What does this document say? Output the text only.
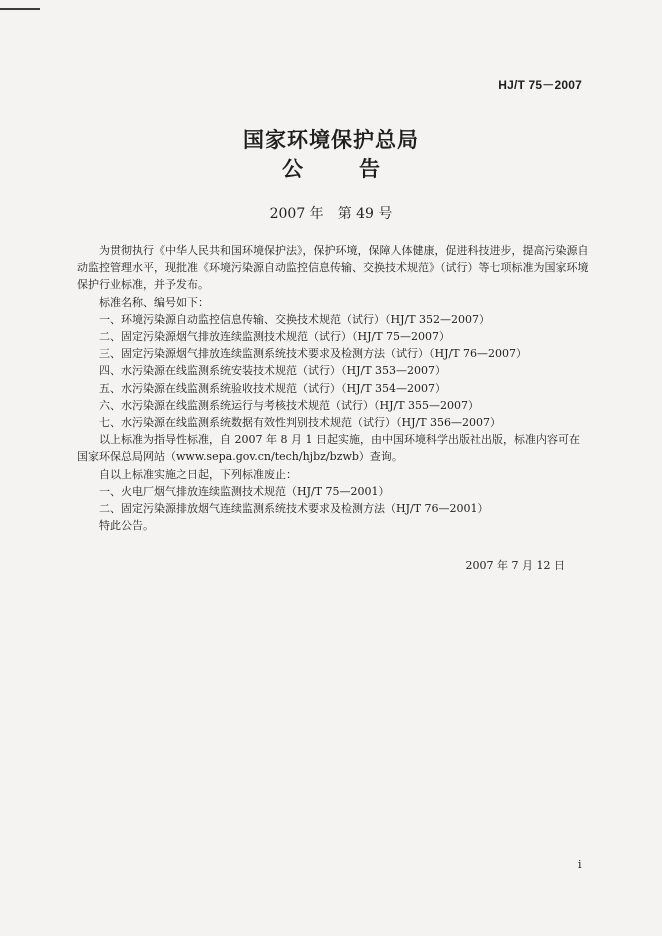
HJ/T 75－2007
国家环境保护总局
公	告
2007 年 第 49 号

为贯彻执行《中华人民共和国环境保护法》，保护环境，保障人体健康，促进科技进步，提高污染源自动监控管理水平，现批准《环境污染源自动监控信息传输、交换技术规范》（试行）等七项标准为国家环境保护行业标准，并予发布。

标准名称、编号如下：

一、环境污染源自动监控信息传输、交换技术规范（试行）（HJ/T 352—2007）

二、固定污染源烟气排放连续监测技术规范（试行）（HJ/T 75—2007）

三、固定污染源烟气排放连续监测系统技术要求及检测方法（试行）（HJ/T 76—2007）

四、水污染源在线监测系统安装技术规范（试行）（HJ/T 353—2007）

五、水污染源在线监测系统验收技术规范（试行）（HJ/T 354—2007）

六、水污染源在线监测系统运行与考核技术规范（试行）（HJ/T 355—2007）

七、水污染源在线监测系统数据有效性判别技术规范（试行）（HJ/T 356—2007）

以上标准为指导性标准，自 2007 年 8 月 1 日起实施，由中国环境科学出版社出版，标准内容可在国家环保总局网站（www.sepa.gov.cn/tech/hjbz/bzwb）查询。

自以上标准实施之日起，下列标准废止：

一、火电厂烟气排放连续监测技术规范（HJ/T 75—2001）

二、固定污染源排放烟气连续监测系统技术要求及检测方法（HJ/T 76—2001）

特此公告。

2007 年 7 月 12 日
i
